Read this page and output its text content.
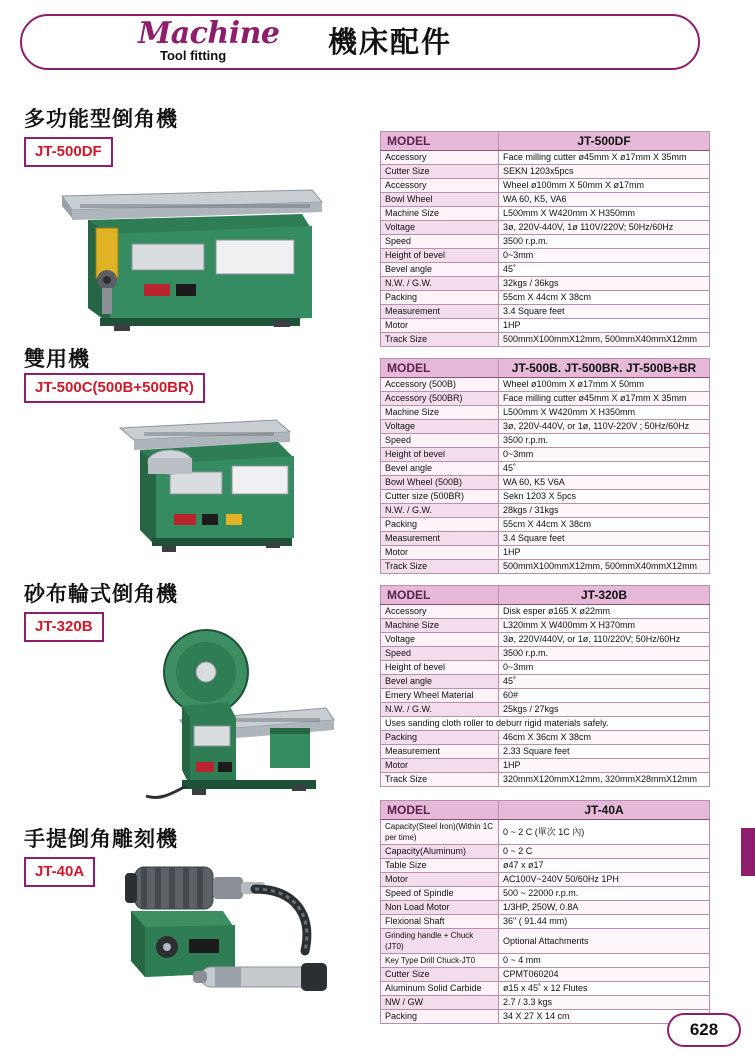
Machine
Tool fitting	機床配件
多功能型倒角機
JT-500DF
MODEL	JT-500DF
Accessory	Face milling cutter ø45mm X ø17mm X 35mm
Cutter Size	SEKN 1203x5pcs
Accessory	Wheel ø100mm X 50mm X ø17mm
Bowl Wheel	WA 60, K5, VA6
Machine Size	L500mm X W420mm X H350mm
Voltage	3ø, 220V-440V, 1ø 110V/220V; 50Hz/60Hz
Speed	3500 r.p.m.
Height of bevel	0~3mm
Bevel angle	45˚
N.W. / G.W.	32kgs / 36kgs
Packing	55cm X 44cm X 38cm
Measurement	3.4 Square feet
Motor	1HP
Track Size	500mmX100mmX12mm, 500mmX40mmX12mm
雙用機
JT-500C(500B+500BR)
MODEL	JT-500B. JT-500BR. JT-500B+BR
Accessory (500B)	Wheel ø100mm X ø17mm X 50mm
Accessory (500BR)	Face milling cutter ø45mm X ø17mm X 35mm
Machine Size	L500mm X W420mm X H350mm
Voltage	3ø, 220V-440V, or 1ø, 110V-220V ; 50Hz/60Hz
Speed	3500 r.p.m.
Height of bevel	0~3mm
Bevel angle	45˚
Bowl Wheel (500B)	WA 60, K5 V6A
Cutter size (500BR)	Sekn 1203 X 5pcs
N.W. / G.W.	28kgs / 31kgs
Packing	55cm X 44cm X 38cm
Measurement	3.4 Square feet
Motor	1HP
Track Size	500mmX100mmX12mm, 500mmX40mmX12mm
砂布輪式倒角機
JT-320B
MODEL	JT-320B
Accessory	Disk esper ø165 X ø22mm
Machine Size	L320mm X W400mm X H370mm
Voltage	3ø, 220V/440V, or 1ø, 110/220V; 50Hz/60Hz
Speed	3500 r.p.m.
Height of bevel	0~3mm
Bevel angle	45˚
Emery Wheel Material	60#
N.W. / G.W.	25kgs / 27kgs
Uses sanding cloth roller to deburr rigid materials safely.	
Packing	46cm X 36cm X 38cm
Measurement	2.33 Square feet
Motor	1HP
Track Size	320mmX120mmX12mm, 320mmX28mmX12mm
手提倒角雕刻機
JT-40A
MODEL	JT-40A
Capacity(Steel Iron)(Within 1C per time)	0 ~ 2 C (單次 1C 內)
Capacity(Aluminum)	0 ~ 2 C
Table Size	ø47 x ø17
Motor	AC100V~240V 50/60Hz 1PH
Speed of Spindle	500 ~ 22000 r.p.m.
Non Load Motor	1/3HP, 250W, 0.8A
Flexional Shaft	36" ( 91.44 mm)
Grinding handle + Chuck (JT0)	Optional Attachments
Key Type Drill Chuck-JT0	0 ~ 4 mm
Cutter Size	CPMT060204
Aluminum Solid Carbide	ø15 x 45˚ x 12 Flutes
NW / GW	2.7 / 3.3 kgs
Packing	34 X 27 X 14 cm
628
